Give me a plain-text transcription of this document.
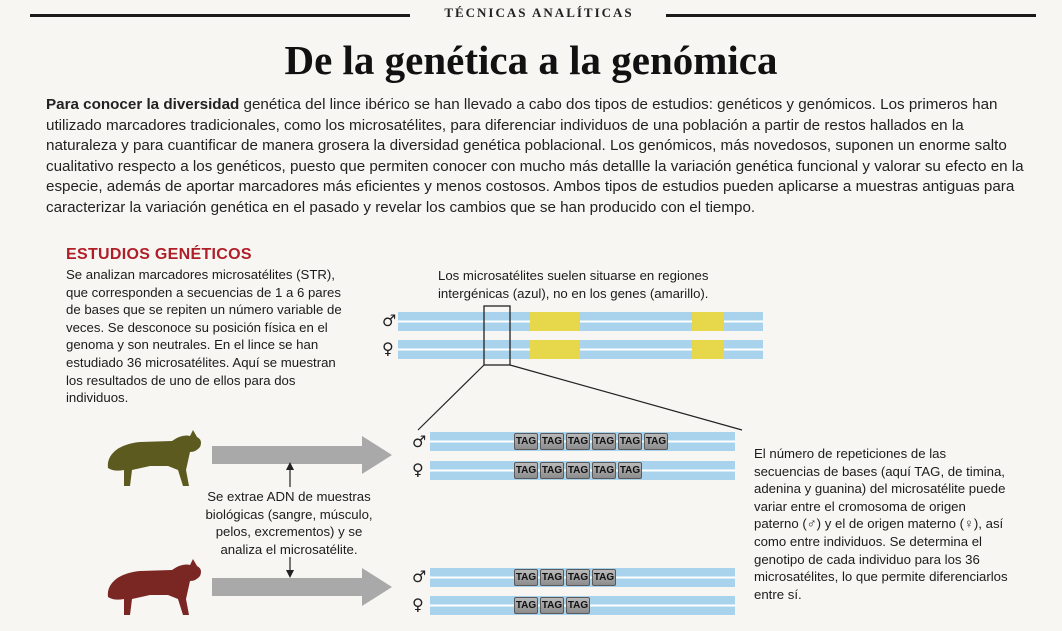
TÉCNICAS ANALÍTICAS
De la genética a la genómica

Para conocer la diversidad genética del lince ibérico se han llevado a cabo dos tipos de estudios: genéticos y genómicos. Los primeros han utilizado marcadores tradicionales, como los microsatélites, para diferenciar individuos de una población a partir de restos hallados en la naturaleza y para cuantificar de manera grosera la diversidad genética poblacional. Los genómicos, más novedosos, suponen un enorme salto cualitativo respecto a los genéticos, puesto que permiten conocer con mucho más detallle la variación genética funcional y valorar su efecto en la especie, además de aportar marcadores más eficientes y menos costosos. Ambos tipos de estudios pueden aplicarse a muestras antiguas para caracterizar la variación genética en el pasado y revelar los cambios que se han producido con el tiempo.

ESTUDIOS GENÉTICOS
Se analizan marcadores microsatélites (STR), que corresponden a secuencias de 1 a 6 pares de bases que se repiten un número variable de veces. Se desconoce su posición física en el genoma y son neutrales. En el lince se han estudiado 36 microsatélites. Aquí se muestran los resultados de uno de ellos para dos individuos.
Los microsatélites suelen situarse en regiones intergénicas (azul), no en los genes (amarillo).
♂
♀
♂
♀
♂
♀
TAG TAG TAG TAG TAG TAG
TAG TAG TAG TAG TAG
TAG TAG TAG TAG
TAG TAG TAG
Se extrae ADN de muestras biológicas (sangre, músculo, pelos, excrementos) y se analiza el microsatélite.
El número de repeticiones de las secuencias de bases (aquí TAG, de timina, adenina y guanina) del microsatélite puede variar entre el cromosoma de origen paterno (♂) y el de origen materno (♀), así como entre individuos. Se determina el genotipo de cada individuo para los 36 microsatélites, lo que permite diferenciarlos entre sí.
